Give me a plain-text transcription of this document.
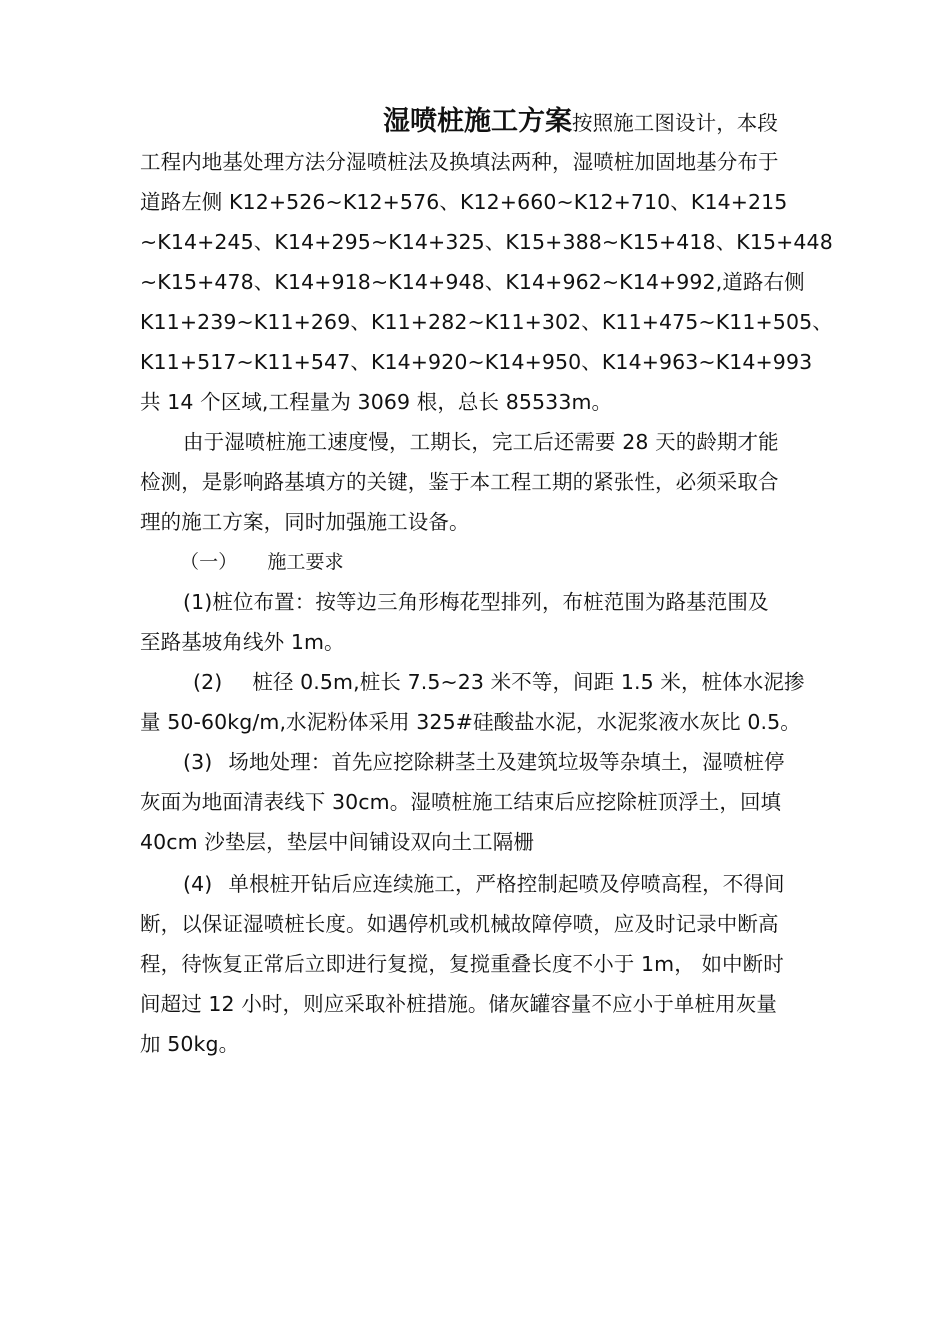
湿喷桩施工方案按照施工图设计，本段
工程内地基处理方法分湿喷桩法及换填法两种，湿喷桩加固地基分布于
道路左侧 K12+526~K12+576、K12+660~K12+710、K14+215
~K14+245、K14+295~K14+325、K15+388~K15+418、K15+448
~K15+478、K14+918~K14+948、K14+962~K14+992,道路右侧
K11+239~K11+269、K11+282~K11+302、K11+475~K11+505、
K11+517~K11+547、K14+920~K14+950、K14+963~K14+993
共 14 个区域,工程量为 3069 根，总长 85533m。
由于湿喷桩施工速度慢，工期长，完工后还需要 28 天的龄期才能
检测，是影响路基填方的关键，鉴于本工程工期的紧张性，必须采取合
理的施工方案，同时加强施工设备。
（一） 施工要求
(1)桩位布置：按等边三角形梅花型排列，布桩范围为路基范围及
至路基坡角线外 1m。
(2) 桩径 0.5m,桩长 7.5~23 米不等，间距 1.5 米，桩体水泥掺
量 50-60kg/m,水泥粉体采用 325#硅酸盐水泥，水泥浆液水灰比 0.5。
(3) 场地处理：首先应挖除耕茎土及建筑垃圾等杂填土，湿喷桩停
灰面为地面清表线下 30cm。湿喷桩施工结束后应挖除桩顶浮土，回填
40cm 沙垫层，垫层中间铺设双向土工隔栅
(4) 单根桩开钻后应连续施工，严格控制起喷及停喷高程，不得间
断，以保证湿喷桩长度。如遇停机或机械故障停喷，应及时记录中断高
程，待恢复正常后立即进行复搅，复搅重叠长度不小于 1m， 如中断时
间超过 12 小时，则应采取补桩措施。储灰罐容量不应小于单桩用灰量
加 50kg。
